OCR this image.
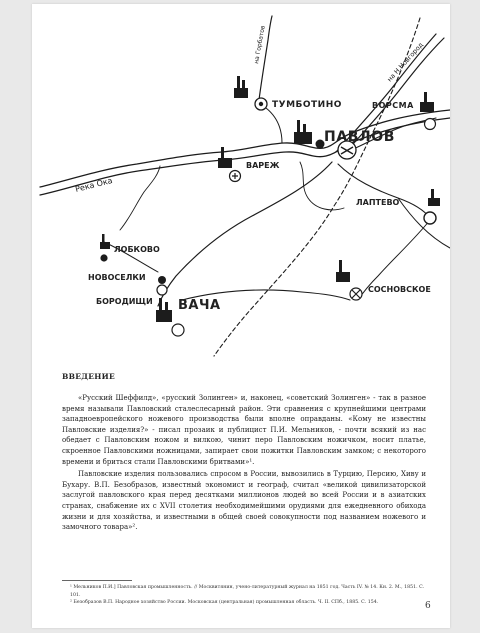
ТУМБОТИНО
ПАВЛОВ
ВАРЕЖ
ВОРСМА
ЛАПТЕВО
ЛОБКОВО
НОВОСЕЛКИ
БОРОДИЩИ ВАЧА
СОСНОВСКОЕ
Река Ока
на Горбатов	на Н.Новгород
ВВЕДЕНИЕ

«Русский Шеффилд», «русский Золинген» и, наконец, «советский Золинген» - так в разное время называли Павловский сталеслесарный район. Эти сравнения с крупнейшими центрами западноевропейского ножевого производства были вполне оправданы. «Кому не известны Павловские изделия?» - писал прозаик и публицист П.И. Мельников, - почти всякий из нас обедает с Павловским ножом и вилкою, чинит перо Павловским ножичком, носит платье, скроенное Павловскими ножницами, запирает свои пожитки Павловским замком; с некоторого времени и бриться стали Павловскими бритвами»¹.

Павловские изделия пользовались спросом в России, вывозились в Турцию, Персию, Хиву и Бухару. В.П. Безобразов, известный экономист и географ, считал «великой цивилизаторской заслугой павловского края перед десятками миллионов людей во всей России и в азиатских странах, снабжение их с XVII столетия необходимейшими орудиями для ежедневного обихода жизни и для хозяйства, и известными в общей своей совокупности под названием ножевого и замочного товара»².

¹ Мельников П.И.] Павловская промышленность. // Москвитянин, учено-литературный журнал на 1851 год. Часть IV. № 14. Кн. 2. М., 1851. С. 101.

² Безобразов В.П. Народное хозяйство России. Московская (центральная) промышленная область. Ч. II. СПб., 1885. С. 154.	6
